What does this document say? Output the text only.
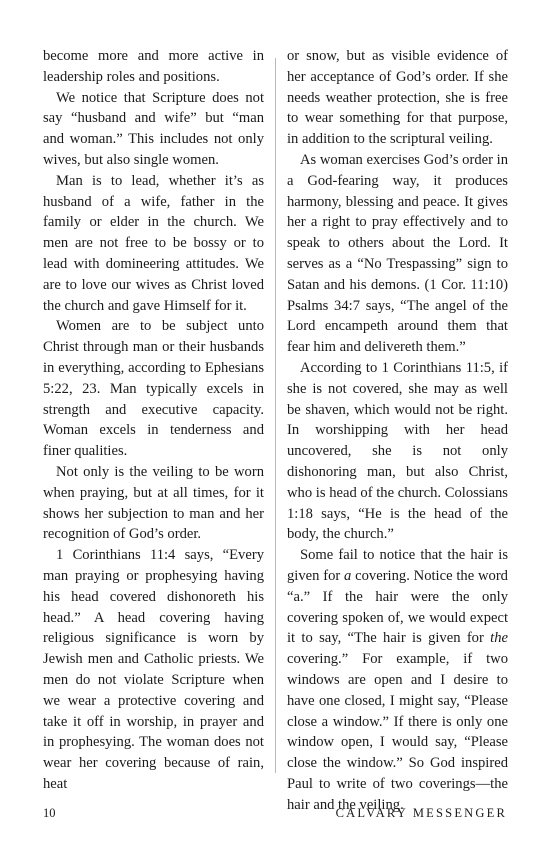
become more and more active in leadership roles and positions.

We notice that Scripture does not say “husband and wife” but “man and woman.” This includes not only wives, but also single women.

Man is to lead, whether it’s as husband of a wife, father in the family or elder in the church. We men are not free to be bossy or to lead with domineering attitudes. We are to love our wives as Christ loved the church and gave Himself for it.

Women are to be subject unto Christ through man or their husbands in everything, according to Ephesians 5:22, 23. Man typically excels in strength and executive capacity. Woman excels in tenderness and finer qualities.

Not only is the veiling to be worn when praying, but at all times, for it shows her subjection to man and her recognition of God’s order.

1 Corinthians 11:4 says, “Every man praying or prophesying having his head covered dishonoreth his head.” A head covering having religious significance is worn by Jewish men and Catholic priests. We men do not violate Scripture when we wear a protective covering and take it off in worship, in prayer and in prophesying. The woman does not wear her covering because of rain, heat

or snow, but as visible evidence of her acceptance of God’s order. If she needs weather protection, she is free to wear something for that purpose, in addition to the scriptural veiling.

As woman exercises God’s order in a God-fearing way, it produces harmony, blessing and peace. It gives her a right to pray effectively and to speak to others about the Lord. It serves as a “No Trespassing” sign to Satan and his demons. (1 Cor. 11:10) Psalms 34:7 says, “The angel of the Lord encampeth around them that fear him and delivereth them.”

According to 1 Corinthians 11:5, if she is not covered, she may as well be shaven, which would not be right. In worshipping with her head uncovered, she is not only dishonoring man, but also Christ, who is head of the church. Colossians 1:18 says, “He is the head of the body, the church.”

Some fail to notice that the hair is given for a covering. Notice the word “a.” If the hair were the only covering spoken of, we would expect it to say, “The hair is given for the covering.” For example, if two windows are open and I desire to have one closed, I might say, “Please close a window.” If there is only one window open, I would say, “Please close the window.” So God inspired Paul to write of two coverings—the hair and the veiling.

10	CALVARY MESSENGER
